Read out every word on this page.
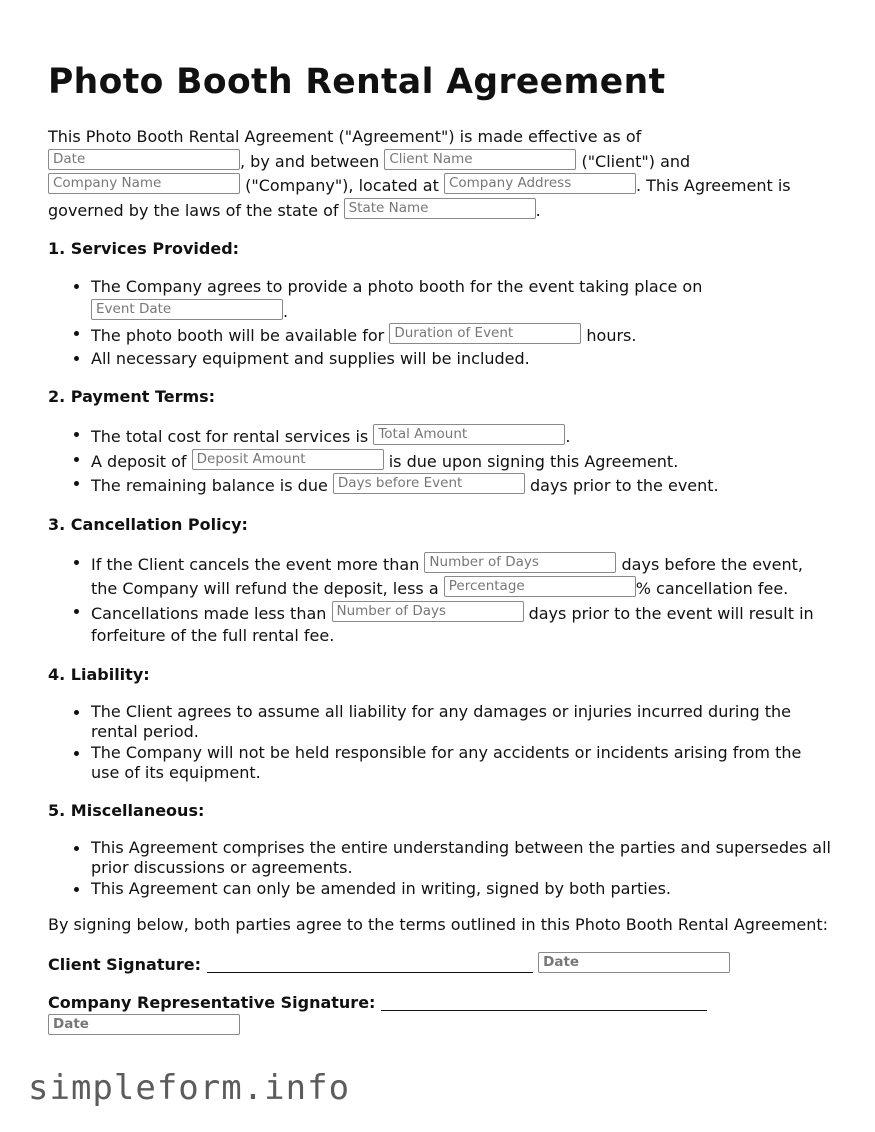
Photo Booth Rental Agreement

This Photo Booth Rental Agreement ("Agreement") is made effective as of
Date	, by and between Client Name	("Client") and
Company Name	("Company"), located at Company Address	. This Agreement is governed by the laws of the state of State Name	.

1. Services Provided:
The Company agrees to provide a photo booth for the event taking place on
Event Date	.
The photo booth will be available for Duration of Event	hours.
All necessary equipment and supplies will be included.
2. Payment Terms:
The total cost for rental services is Total Amount	.
A deposit of Deposit Amount	is due upon signing this Agreement.
The remaining balance is due Days before Event	days prior to the event.
3. Cancellation Policy:
If the Client cancels the event more than Number of Days	days before the event, the Company will refund the deposit, less a Percentage	% cancellation fee.
Cancellations made less than Number of Days	days prior to the event will result in forfeiture of the full rental fee.
4. Liability:
The Client agrees to assume all liability for any damages or injuries incurred during the rental period.
The Company will not be held responsible for any accidents or incidents arising from the use of its equipment.
5. Miscellaneous:
This Agreement comprises the entire understanding between the parties and supersedes all prior discussions or agreements.
This Agreement can only be amended in writing, signed by both parties.

By signing below, both parties agree to the terms outlined in this Photo Booth Rental Agreement:

Client Signature:	Date
Company Representative Signature:
Date
simpleform.info
